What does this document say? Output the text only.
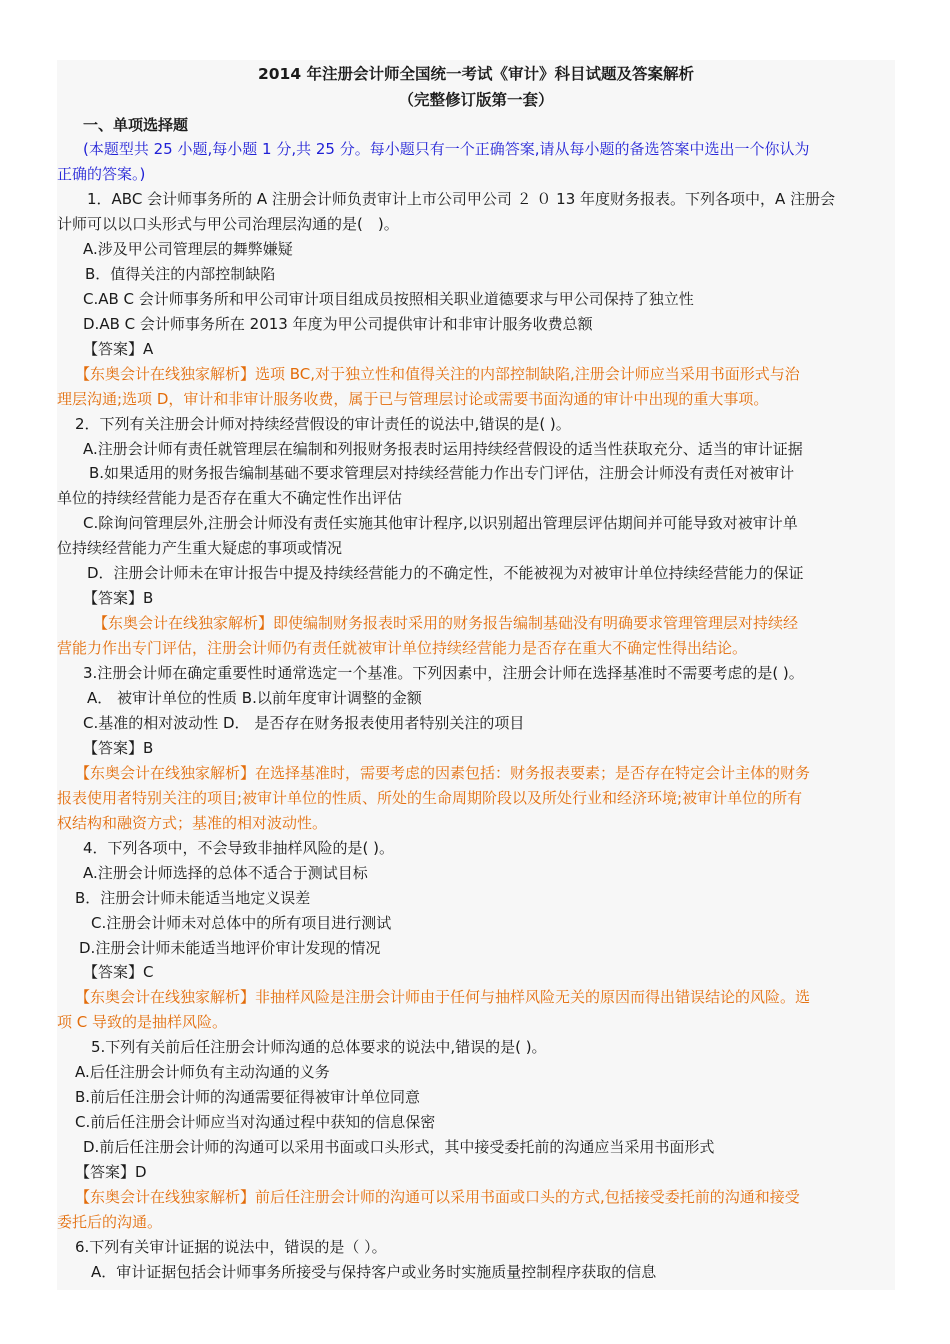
2014 年注册会计师全国统一考试《审计》科目试题及答案解析
（完整修订版第一套）
一、单项选择题
(本题型共 25 小题,每小题 1 分,共 25 分。每小题只有一个正确答案,请从每小题的备选答案中选出一个你认为
正确的答案。)
1．ABC 会计师事务所的 A 注册会计师负责审计上市公司甲公司 ２ ０ 13 年度财务报表。下列各项中，A 注册会
计师可以以口头形式与甲公司治理层沟通的是(　)。
A.涉及甲公司管理层的舞弊嫌疑
B．值得关注的内部控制缺陷
C.AB C 会计师事务所和甲公司审计项目组成员按照相关职业道德要求与甲公司保持了独立性
D.AB C 会计师事务所在 2013 年度为甲公司提供审计和非审计服务收费总额
【答案】A
【东奥会计在线独家解析】选项 BC,对于独立性和值得关注的内部控制缺陷,注册会计师应当采用书面形式与治
理层沟通;选项 D，审计和非审计服务收费，属于已与管理层讨论或需要书面沟通的审计中出现的重大事项。
2．下列有关注册会计师对持续经营假设的审计责任的说法中,错误的是( )。
A.注册会计师有责任就管理层在编制和列报财务报表时运用持续经营假设的适当性获取充分、适当的审计证据
B.如果适用的财务报告编制基础不要求管理层对持续经营能力作出专门评估，注册会计师没有责任对被审计
单位的持续经营能力是否存在重大不确定性作出评估
C.除询问管理层外,注册会计师没有责任实施其他审计程序,以识别超出管理层评估期间并可能导致对被审计单
位持续经营能力产生重大疑虑的事项或情况
D．注册会计师未在审计报告中提及持续经营能力的不确定性，不能被视为对被审计单位持续经营能力的保证
【答案】B
【东奥会计在线独家解析】即使编制财务报表时采用的财务报告编制基础没有明确要求管理管理层对持续经
营能力作出专门评估，注册会计师仍有责任就被审计单位持续经营能力是否存在重大不确定性得出结论。
3.注册会计师在确定重要性时通常选定一个基准。下列因素中，注册会计师在选择基准时不需要考虑的是( )。
A． 被审计单位的性质 B.以前年度审计调整的金额
C.基准的相对波动性 D． 是否存在财务报表使用者特别关注的项目
【答案】B
【东奥会计在线独家解析】在选择基准时，需要考虑的因素包括：财务报表要素；是否存在特定会计主体的财务
报表使用者特别关注的项目;被审计单位的性质、所处的生命周期阶段以及所处行业和经济环境;被审计单位的所有
权结构和融资方式；基准的相对波动性。
4．下列各项中，不会导致非抽样风险的是( )。
A.注册会计师选择的总体不适合于测试目标
B．注册会计师未能适当地定义误差
C.注册会计师未对总体中的所有项目进行测试
D.注册会计师未能适当地评价审计发现的情况
【答案】C
【东奥会计在线独家解析】非抽样风险是注册会计师由于任何与抽样风险无关的原因而得出错误结论的风险。选
项 C 导致的是抽样风险。
5.下列有关前后任注册会计师沟通的总体要求的说法中,错误的是( )。
A.后任注册会计师负有主动沟通的义务
B.前后任注册会计师的沟通需要征得被审计单位同意
C.前后任注册会计师应当对沟通过程中获知的信息保密
D.前后任注册会计师的沟通可以采用书面或口头形式，其中接受委托前的沟通应当采用书面形式
【答案】D
【东奥会计在线独家解析】前后任注册会计师的沟通可以采用书面或口头的方式,包括接受委托前的沟通和接受
委托后的沟通。
6.下列有关审计证据的说法中，错误的是（ ）。
A．审计证据包括会计师事务所接受与保持客户或业务时实施质量控制程序获取的信息
